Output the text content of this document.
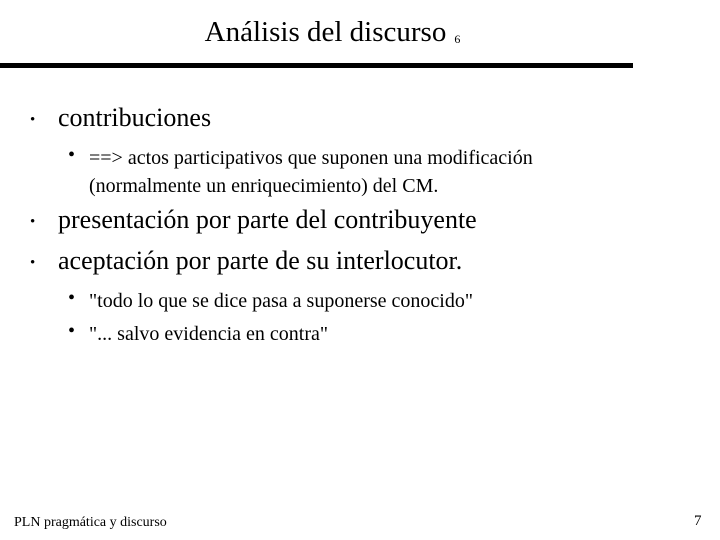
Análisis del discurso 6
• contribuciones
• ==> actos participativos que suponen una modificación
(normalmente un enriquecimiento) del CM.
• presentación por parte del contribuyente
• aceptación por parte de su interlocutor.
• "todo lo que se dice pasa a suponerse conocido"
• "... salvo evidencia en contra"
PLN pragmática y discurso	7
